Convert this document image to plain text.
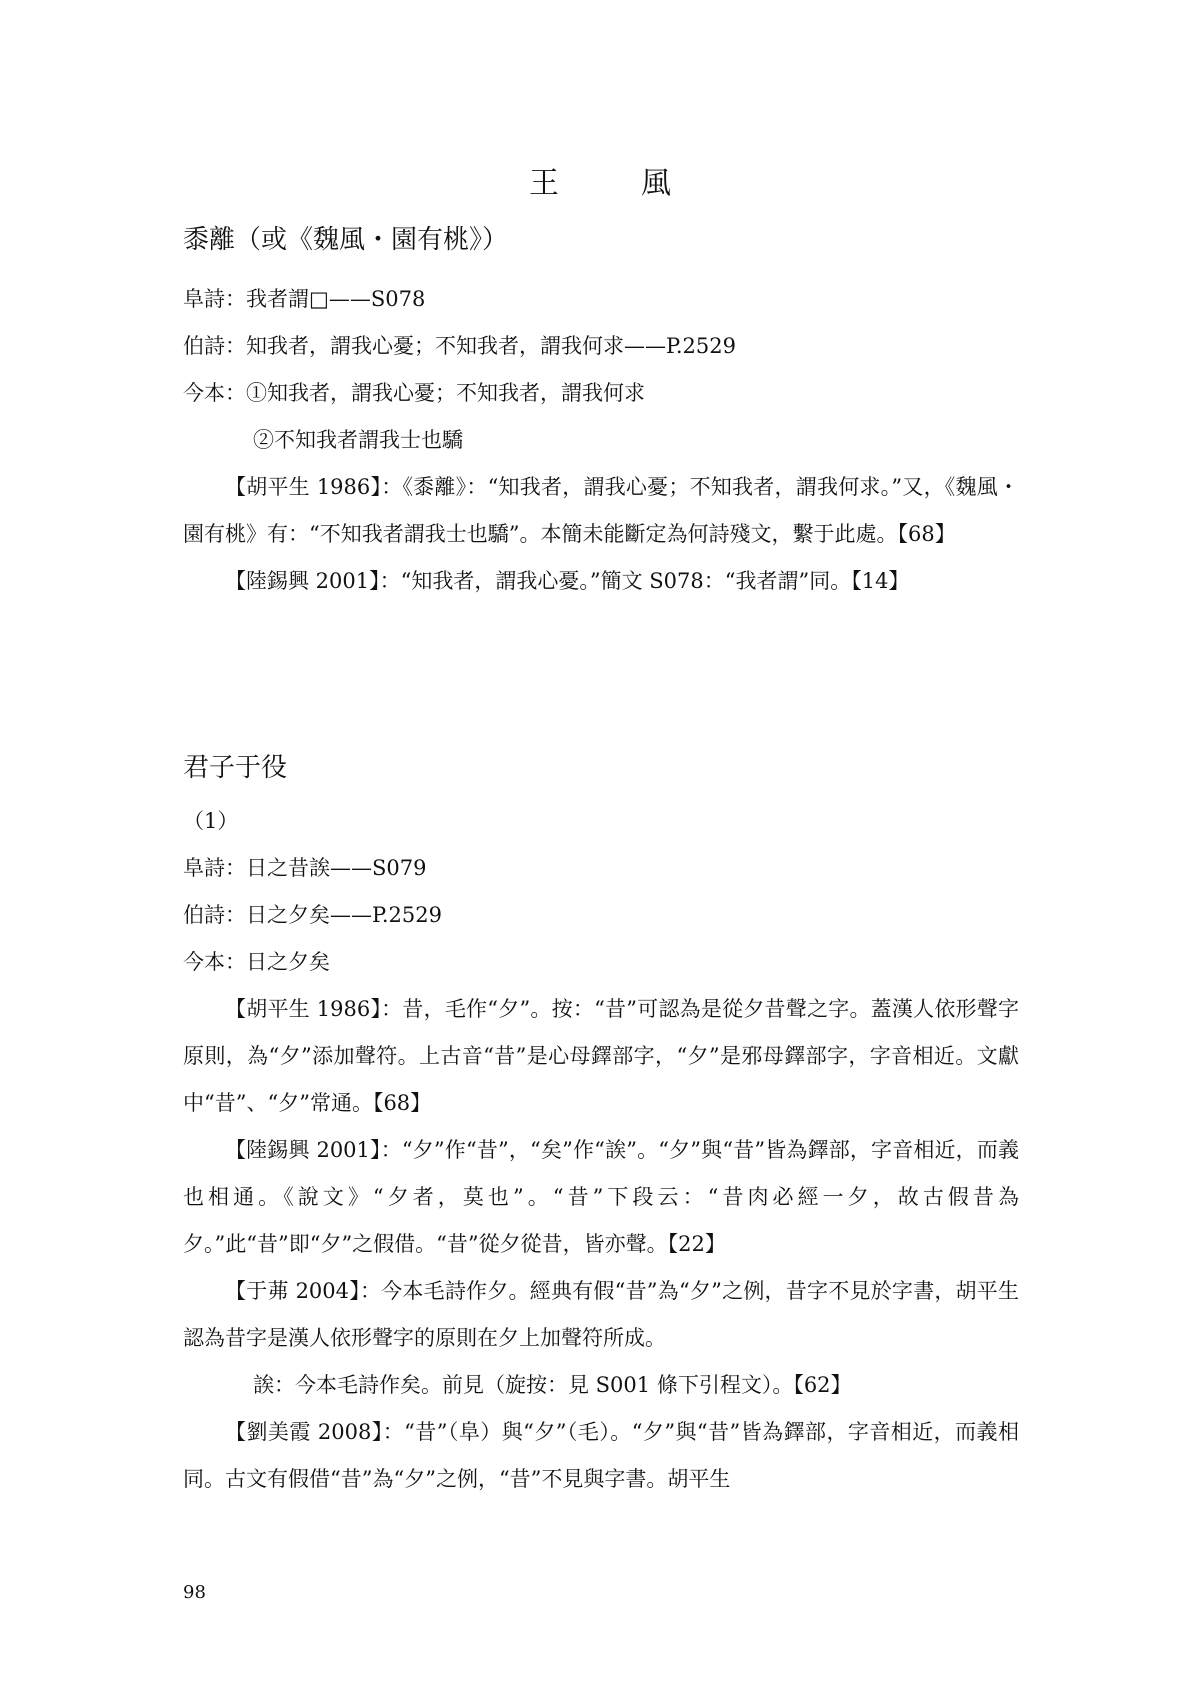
王　風

黍離（或《魏風・園有桃》）

阜詩：我者謂□——S078

伯詩：知我者，謂我心憂；不知我者，謂我何求——P.2529

今本：①知我者，謂我心憂；不知我者，謂我何求

②不知我者謂我士也驕

【胡平生 1986】：《黍離》：“知我者，謂我心憂；不知我者，謂我何求。”又，《魏風・園有桃》有：“不知我者謂我士也驕”。本簡未能斷定為何詩殘文，繫于此處。【68】

【陸錫興 2001】：“知我者，謂我心憂。”簡文 S078：“我者謂”同。【14】

君子于役

（1）

阜詩：日之昔誒——S079

伯詩：日之夕矣——P.2529

今本：日之夕矣

【胡平生 1986】：昔，毛作“夕”。按：“昔”可認為是從夕昔聲之字。蓋漢人依形聲字原則，為“夕”添加聲符。上古音“昔”是心母鐸部字，“夕”是邪母鐸部字，字音相近。文獻中“昔”、“夕”常通。【68】

【陸錫興 2001】：“夕”作“昔”，“矣”作“誒”。“夕”與“昔”皆為鐸部，字音相近，而義也相通。《說文》“夕者，莫也”。“昔”下段云：“昔肉必經一夕，故古假昔為夕。”此“昔”即“夕”之假借。“昔”從夕從昔，皆亦聲。【22】

【于茀 2004】：今本毛詩作夕。經典有假“昔”為“夕”之例，昔字不見於字書，胡平生認為昔字是漢人依形聲字的原則在夕上加聲符所成。

誒：今本毛詩作矣。前見（旋按：見 S001 條下引程文）。【62】

【劉美霞 2008】：“昔”（阜）與“夕”（毛）。“夕”與“昔”皆為鐸部，字音相近，而義相同。古文有假借“昔”為“夕”之例，“昔”不見與字書。胡平生

98
